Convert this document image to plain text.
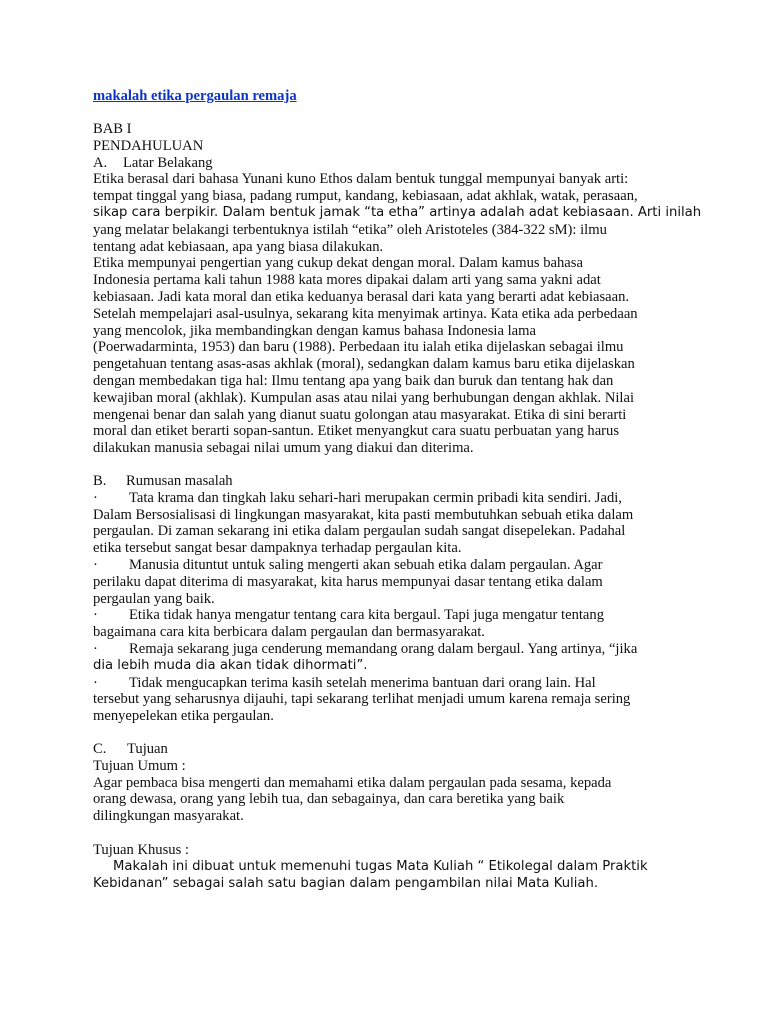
makalah etika pergaulan remaja
BAB I
PENDAHULUAN
A. Latar Belakang
Etika berasal dari bahasa Yunani kuno Ethos dalam bentuk tunggal mempunyai banyak arti:
tempat tinggal yang biasa, padang rumput, kandang, kebiasaan, adat akhlak, watak, perasaan,
sikap cara berpikir. Dalam bentuk jamak “ta etha” artinya adalah adat kebiasaan. Arti inilah
yang melatar belakangi terbentuknya istilah “etika” oleh Aristoteles (384-322 sM): ilmu
tentang adat kebiasaan, apa yang biasa dilakukan.
Etika mempunyai pengertian yang cukup dekat dengan moral. Dalam kamus bahasa
Indonesia pertama kali tahun 1988 kata mores dipakai dalam arti yang sama yakni adat
kebiasaan. Jadi kata moral dan etika keduanya berasal dari kata yang berarti adat kebiasaan.
Setelah mempelajari asal-usulnya, sekarang kita menyimak artinya. Kata etika ada perbedaan
yang mencolok, jika membandingkan dengan kamus bahasa Indonesia lama
(Poerwadarminta, 1953) dan baru (1988). Perbedaan itu ialah etika dijelaskan sebagai ilmu
pengetahuan tentang asas-asas akhlak (moral), sedangkan dalam kamus baru etika dijelaskan
dengan membedakan tiga hal: Ilmu tentang apa yang baik dan buruk dan tentang hak dan
kewajiban moral (akhlak). Kumpulan asas atau nilai yang berhubungan dengan akhlak. Nilai
mengenai benar dan salah yang dianut suatu golongan atau masyarakat. Etika di sini berarti
moral dan etiket berarti sopan-santun. Etiket menyangkut cara suatu perbuatan yang harus
dilakukan manusia sebagai nilai umum yang diakui dan diterima.
B. Rumusan masalah
· Tata krama dan tingkah laku sehari-hari merupakan cermin pribadi kita sendiri. Jadi,
Dalam Bersosialisasi di lingkungan masyarakat, kita pasti membutuhkan sebuah etika dalam
pergaulan. Di zaman sekarang ini etika dalam pergaulan sudah sangat disepelekan. Padahal
etika tersebut sangat besar dampaknya terhadap pergaulan kita.
· Manusia dituntut untuk saling mengerti akan sebuah etika dalam pergaulan. Agar
perilaku dapat diterima di masyarakat, kita harus mempunyai dasar tentang etika dalam
pergaulan yang baik.
· Etika tidak hanya mengatur tentang cara kita bergaul. Tapi juga mengatur tentang
bagaimana cara kita berbicara dalam pergaulan dan bermasyarakat.
· Remaja sekarang juga cenderung memandang orang dalam bergaul. Yang artinya, “jika
dia lebih muda dia akan tidak dihormati”.
· Tidak mengucapkan terima kasih setelah menerima bantuan dari orang lain. Hal
tersebut yang seharusnya dijauhi, tapi sekarang terlihat menjadi umum karena remaja sering
menyepelekan etika pergaulan.
C. Tujuan
Tujuan Umum :
Agar pembaca bisa mengerti dan memahami etika dalam pergaulan pada sesama, kepada
orang dewasa, orang yang lebih tua, dan sebagainya, dan cara beretika yang baik
dilingkungan masyarakat.
Tujuan Khusus :
Makalah ini dibuat untuk memenuhi tugas Mata Kuliah “ Etikolegal dalam Praktik
Kebidanan” sebagai salah satu bagian dalam pengambilan nilai Mata Kuliah.
